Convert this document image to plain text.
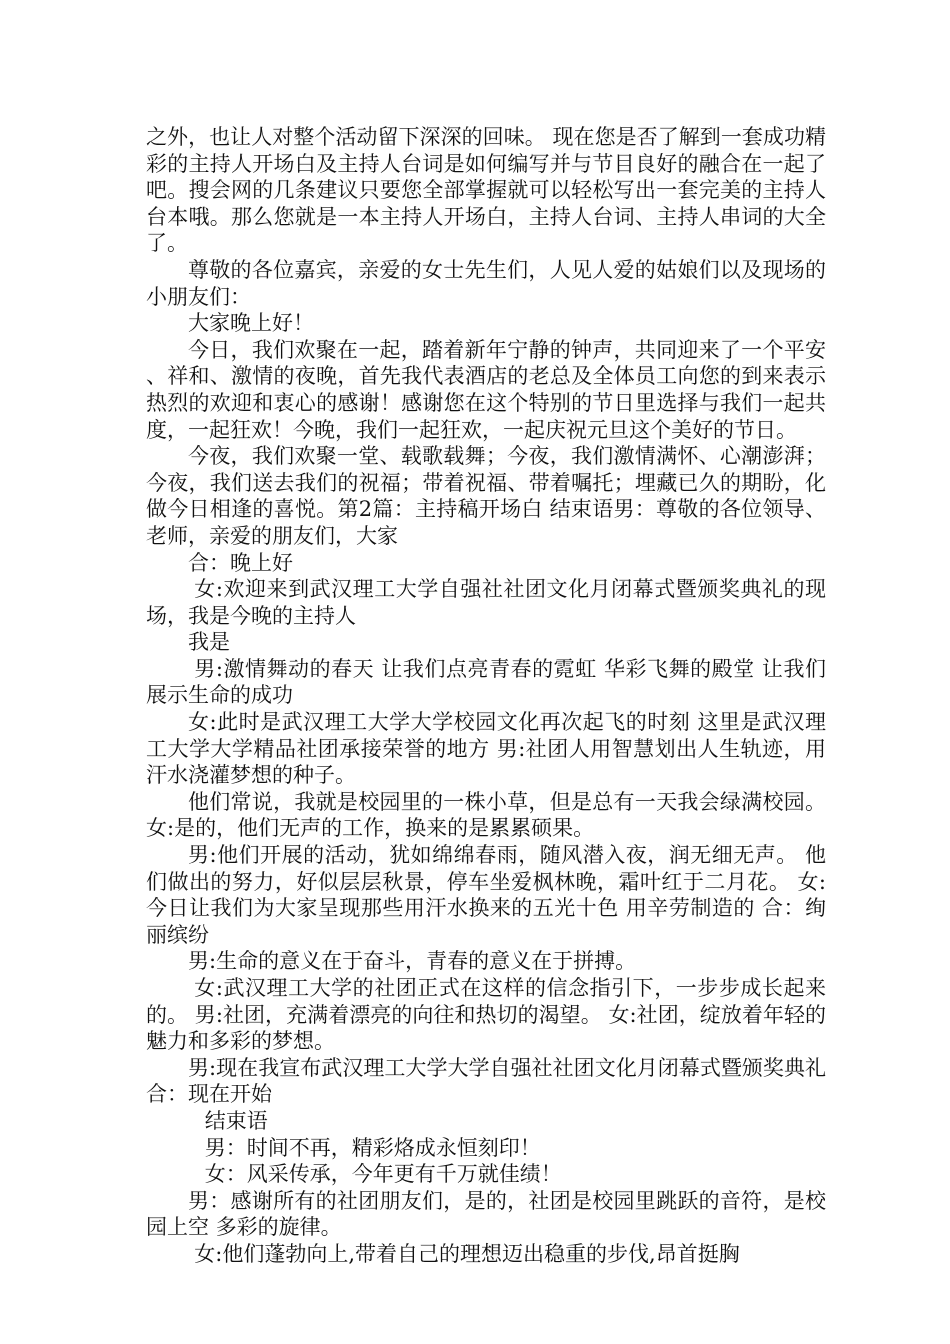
之外，也让人对整个活动留下深深的回味。 现在您是否了解到一套成功精彩的主持人开场白及主持人台词是如何编写并与节目良好的融合在一起了吧。搜会网的几条建议只要您全部掌握就可以轻松写出一套完美的主持人台本哦。那么您就是一本主持人开场白，主持人台词、主持人串词的大全了。

尊敬的各位嘉宾，亲爱的女士先生们，人见人爱的姑娘们以及现场的小朋友们：

大家晚上好！

今日，我们欢聚在一起，踏着新年宁静的钟声，共同迎来了一个平安、祥和、激情的夜晚，首先我代表酒店的老总及全体员工向您的到来表示热烈的欢迎和衷心的感谢！感谢您在这个特别的节日里选择与我们一起共度，一起狂欢！今晚，我们一起狂欢，一起庆祝元旦这个美好的节日。

今夜，我们欢聚一堂、载歌载舞；今夜，我们激情满怀、心潮澎湃；今夜，我们送去我们的祝福；带着祝福、带着嘱托；埋藏已久的期盼，化做今日相逢的喜悦。第2篇：主持稿开场白 结束语男：尊敬的各位领导、老师，亲爱的朋友们，大家

合：晚上好

女:欢迎来到武汉理工大学自强社社团文化月闭幕式暨颁奖典礼的现场，我是今晚的主持人

我是

男:激情舞动的春天 让我们点亮青春的霓虹 华彩飞舞的殿堂 让我们展示生命的成功

女:此时是武汉理工大学大学校园文化再次起飞的时刻 这里是武汉理工大学大学精品社团承接荣誉的地方 男:社团人用智慧划出人生轨迹，用汗水浇灌梦想的种子。

他们常说，我就是校园里的一株小草，但是总有一天我会绿满校园。 女:是的，他们无声的工作，换来的是累累硕果。

男:他们开展的活动，犹如绵绵春雨，随风潜入夜，润无细无声。 他们做出的努力，好似层层秋景，停车坐爱枫林晚，霜叶红于二月花。 女:今日让我们为大家呈现那些用汗水换来的五光十色 用辛劳制造的 合：绚丽缤纷

男:生命的意义在于奋斗，青春的意义在于拼搏。

女:武汉理工大学的社团正式在这样的信念指引下，一步步成长起来的。 男:社团，充满着漂亮的向往和热切的渴望。 女:社团，绽放着年轻的魅力和多彩的梦想。

男:现在我宣布武汉理工大学大学自强社社团文化月闭幕式暨颁奖典礼 合：现在开始

结束语

男：时间不再，精彩烙成永恒刻印！

女：风采传承，今年更有千万就佳绩！

男：感谢所有的社团朋友们，是的，社团是校园里跳跃的音符，是校园上空 多彩的旋律。

女:他们蓬勃向上,带着自己的理想迈出稳重的步伐,昂首挺胸
